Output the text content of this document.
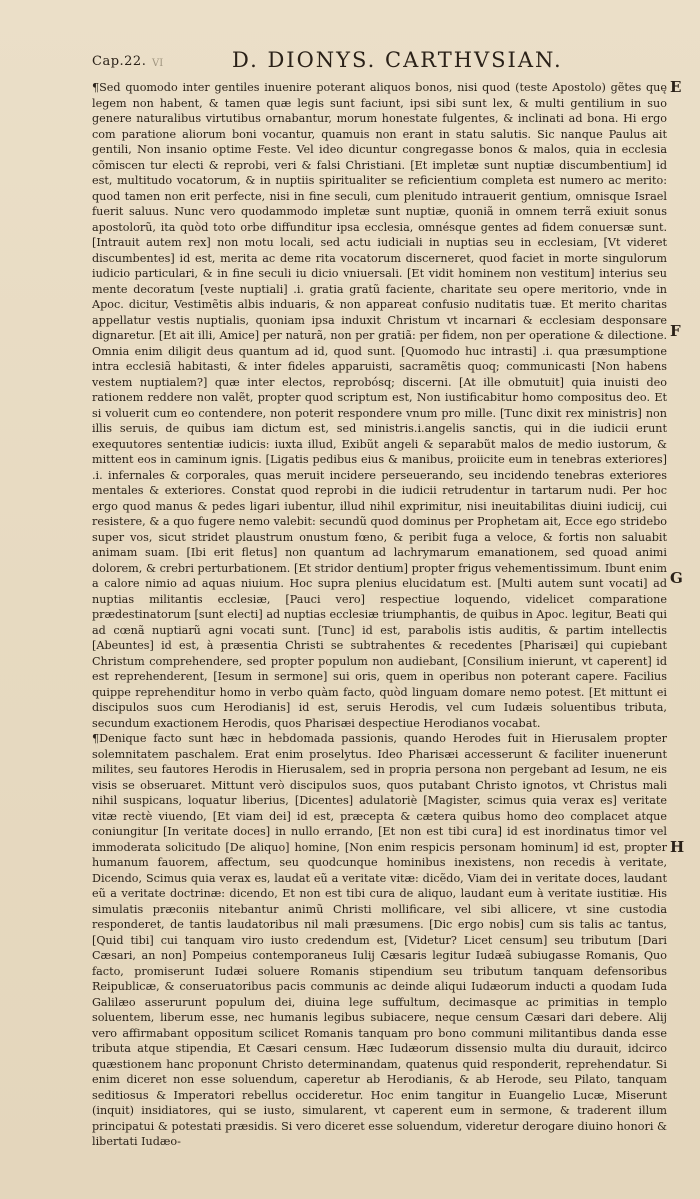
Cap.22. VI	D. DIONYS. CARTHVSIAN.

¶Sed quomodo inter gentiles inuenire poterant aliquos bonos, nisi quod (teste Apostolo) gẽtes quę legem non habent, & tamen quæ legis sunt faciunt, ipsi sibi sunt lex, & multi gentilium in suo genere naturalibus virtutibus ornabantur, morum honestate fulgentes, & inclinati ad bona. Hi ergo com paratione aliorum boni vocantur, quamuis non erant in statu salutis. Sic nanque Paulus ait gentili, Non insanio optime Feste. Vel ideo dicuntur congregasse bonos & malos, quia in ecclesia cõmiscen tur electi & reprobi, veri & falsi Christiani. [Et impletæ sunt nuptiæ discumbentium] id est, multitudo vocatorum, & in nuptiis spiritualiter se reficientium completa est numero ac merito: quod tamen non erit perfecte, nisi in fine seculi, cum plenitudo intrauerit gentium, omnisque Israel fuerit saluus. Nunc vero quodammodo impletæ sunt nuptiæ, quoniã in omnem terrã exiuit sonus apostolorũ, ita quòd toto orbe diffunditur ipsa ecclesia, omnésque gentes ad fidem conuersæ sunt. [Intrauit autem rex] non motu locali, sed actu iudiciali in nuptias seu in ecclesiam, [Vt videret discumbentes] id est, merita ac deme rita vocatorum discerneret, quod faciet in morte singulorum iudicio particulari, & in fine seculi iu dicio vniuersali. [Et vidit hominem non vestitum] interius seu mente decoratum [veste nuptiali] .i. gratia gratũ faciente, charitate seu opere meritorio, vnde in Apoc. dicitur, Vestimẽtis albis induaris, & non appareat confusio nuditatis tuæ. Et merito charitas appellatur vestis nuptialis, quoniam ipsa induxit Christum vt incarnari & ecclesiam desponsare dignaretur. [Et ait illi, Amice] per naturã, non per gratiã: per fidem, non per operatione & dilectione. Omnia enim diligit deus quantum ad id, quod sunt. [Quomodo huc intrasti] .i. qua præsumptione intra ecclesiã habitasti, & inter fideles apparuisti, sacramẽtis quoq; communicasti [Non habens vestem nuptialem?] quæ inter electos, reprobósq; discerni. [At ille obmutuit] quia inuisti deo rationem reddere non valẽt, propter quod scriptum est, Non iustificabitur homo compositus deo. Et si voluerit cum eo contendere, non poterit respondere vnum pro mille. [Tunc dixit rex ministris] non illis seruis, de quibus iam dictum est, sed ministris.i.angelis sanctis, qui in die iudicii erunt exequutores sententiæ iudicis: iuxta illud, Exibũt angeli & separabũt malos de medio iustorum, & mittent eos in caminum ignis. [Ligatis pedibus eius & manibus, proiicite eum in tenebras exteriores] .i. infernales & corporales, quas meruit incidere perseuerando, seu incidendo tenebras exteriores mentales & exteriores. Constat quod reprobi in die iudicii retrudentur in tartarum nudi. Per hoc ergo quod manus & pedes ligari iubentur, illud nihil exprimitur, nisi ineuitabilitas diuini iudicij, cui resistere, & a quo fugere nemo valebit: secundũ quod dominus per Prophetam ait, Ecce ego stridebo super vos, sicut stridet plaustrum onustum fœno, & peribit fuga a veloce, & fortis non saluabit animam suam. [Ibi erit fletus] non quantum ad lachrymarum emanationem, sed quoad animi dolorem, & crebri perturbationem. [Et stridor dentium] propter frigus vehementissimum. Ibunt enim a calore nimio ad aquas niuium. Hoc supra plenius elucidatum est. [Multi autem sunt vocati] ad nuptias militantis ecclesiæ, [Pauci vero] respectiue loquendo, videlicet comparatione prædestinatorum [sunt electi] ad nuptias ecclesiæ triumphantis, de quibus in Apoc. legitur, Beati qui ad cœnã nuptiarũ agni vocati sunt. [Tunc] id est, parabolis istis auditis, & partim intellectis [Abeuntes] id est, à præsentia Christi se subtrahentes & recedentes [Pharisæi] qui cupiebant Christum comprehendere, sed propter populum non audiebant, [Consilium inierunt, vt caperent] id est reprehenderent, [Iesum in sermone] sui oris, quem in operibus non poterant capere. Facilius quippe reprehenditur homo in verbo quàm facto, quòd linguam domare nemo potest. [Et mittunt ei discipulos suos cum Herodianis] id est, seruis Herodis, vel cum Iudæis soluentibus tributa, secundum exactionem Herodis, quos Pharisæi despectiue Herodianos vocabat.

¶Denique facto sunt hæc in hebdomada passionis, quando Herodes fuit in Hierusalem propter solemnitatem paschalem. Erat enim proselytus. Ideo Pharisæi accesserunt & faciliter inuenerunt milites, seu fautores Herodis in Hierusalem, sed in propria persona non pergebant ad Iesum, ne eis visis se obseruaret. Mittunt verò discipulos suos, quos putabant Christo ignotos, vt Christus mali nihil suspicans, loquatur liberius, [Dicentes] adulatoriè [Magister, scimus quia verax es] veritate vitæ rectè viuendo, [Et viam dei] id est, præcepta & cætera quibus homo deo complacet atque coniungitur [In veritate doces] in nullo errando, [Et non est tibi cura] id est inordinatus timor vel immoderata solicitudo [De aliquo] homine, [Non enim respicis personam hominum] id est, propter humanum fauorem, affectum, seu quodcunque hominibus inexistens, non recedis à veritate, Dicendo, Scimus quia verax es, laudat eũ a veritate vitæ: dicẽdo, Viam dei in veritate doces, laudant eũ a veritate doctrinæ: dicendo, Et non est tibi cura de aliquo, laudant eum à veritate iustitiæ. His simulatis præconiis nitebantur animũ Christi mollificare, vel sibi allicere, vt sine custodia responderet, de tantis laudatoribus nil mali præsumens. [Dic ergo nobis] cum sis talis ac tantus, [Quid tibi] cui tanquam viro iusto credendum est, [Videtur? Licet censum] seu tributum [Dari Cæsari, an non] Pompeius contemporaneus Iulij Cæsaris legitur Iudæã subiugasse Romanis, Quo facto, promiserunt Iudæi soluere Romanis stipendium seu tributum tanquam defensoribus Reipublicæ, & conseruatoribus pacis communis ac deinde aliqui Iudæorum inducti a quodam Iuda Galilæo asserurunt populum dei, diuina lege suffultum, decimasque ac primitias in templo soluentem, liberum esse, nec humanis legibus subiacere, neque censum Cæsari dari debere. Alij vero affirmabant oppositum scilicet Romanis tanquam pro bono communi militantibus danda esse tributa atque stipendia, Et Cæsari censum. Hæc Iudæorum dissensio multa diu durauit, idcirco quæstionem hanc proponunt Christo determinandam, quatenus quid responderit, reprehendatur. Si enim diceret non esse soluendum, caperetur ab Herodianis, & ab Herode, seu Pilato, tanquam seditiosus & Imperatori rebellus occideretur. Hoc enim tangitur in Euangelio Lucæ, Miserunt (inquit) insidiatores, qui se iusto, simularent, vt caperent eum in sermone, & traderent illum principatui & potestati præsidis. Si vero diceret esse soluendum, videretur derogare diuino honori & libertati Iudæo-

E
F
G
H
